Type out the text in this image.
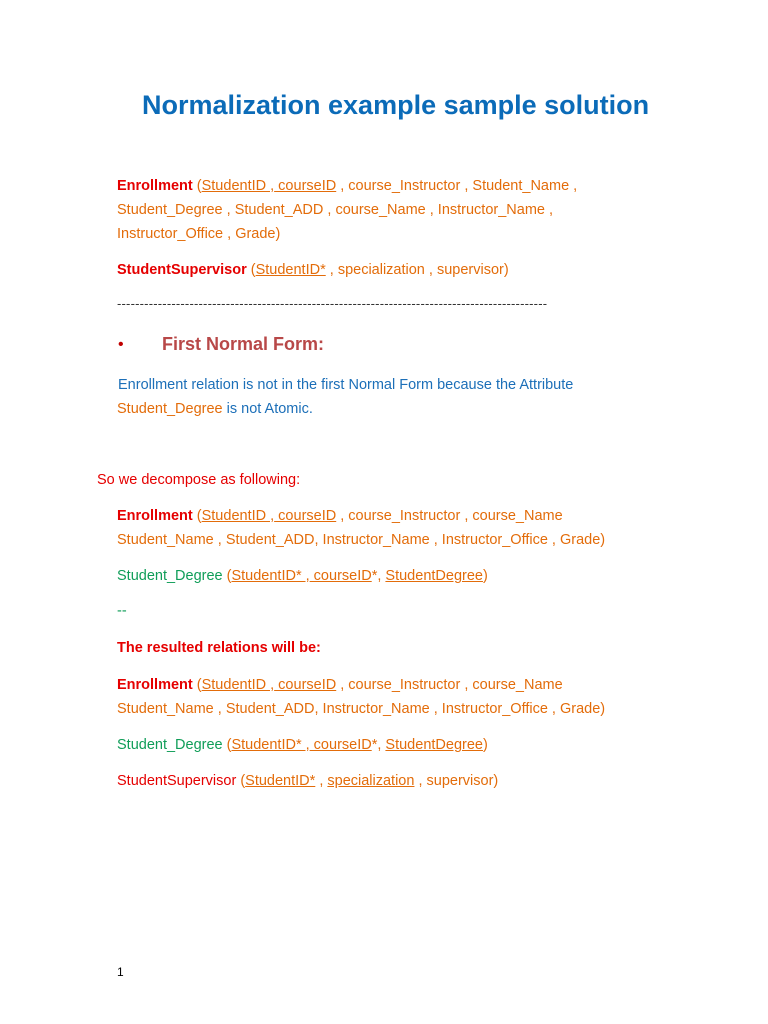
Normalization example sample solution
Enrollment (StudentID , courseID , course_Instructor , Student_Name ,
Student_Degree , Student_ADD , course_Name , Instructor_Name ,
Instructor_Office , Grade)
StudentSupervisor (StudentID* , specialization , supervisor)
-----------------------------------------------------------------------------------------------
• First Normal Form:
Enrollment relation is not in the first Normal Form because the Attribute
Student_Degree is not Atomic.
So we decompose as following:
Enrollment (StudentID , courseID , course_Instructor , course_Name
Student_Name , Student_ADD, Instructor_Name , Instructor_Office , Grade)
Student_Degree (StudentID* , courseID*, StudentDegree)
--
The resulted relations will be:
Enrollment (StudentID , courseID , course_Instructor , course_Name
Student_Name , Student_ADD, Instructor_Name , Instructor_Office , Grade)
Student_Degree (StudentID* , courseID*, StudentDegree)
StudentSupervisor (StudentID* , specialization , supervisor)
1
